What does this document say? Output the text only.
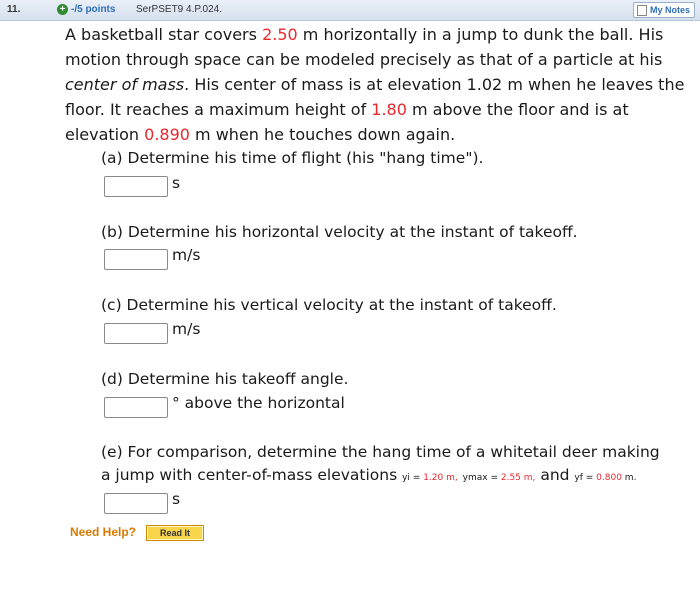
11.	+ -/5 points SerPSET9 4.P.024.	My Notes
A basketball star covers 2.50 m horizontally in a jump to dunk the ball. His
motion through space can be modeled precisely as that of a particle at his
center of mass. His center of mass is at elevation 1.02 m when he leaves the
floor. It reaches a maximum height of 1.80 m above the floor and is at
elevation 0.890 m when he touches down again.
(a) Determine his time of flight (his "hang time").
s
(b) Determine his horizontal velocity at the instant of takeoff.
m/s
(c) Determine his vertical velocity at the instant of takeoff.
m/s
(d) Determine his takeoff angle.
° above the horizontal
(e) For comparison, determine the hang time of a whitetail deer making
a jump with center-of-mass elevations yi = 1.20 m, ymax = 2.55 m, and yf = 0.800 m.
s
Need Help?	Read It
